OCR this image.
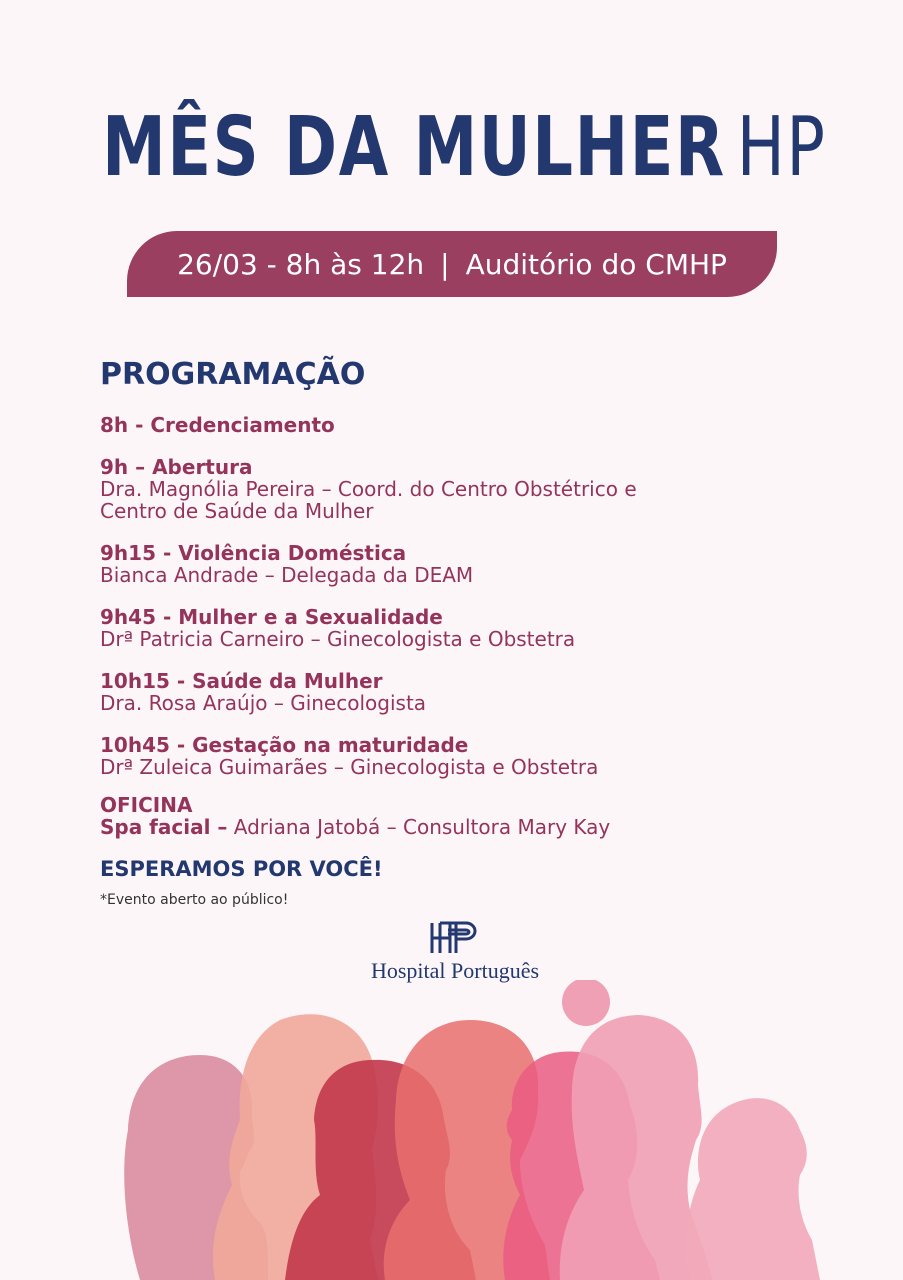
MÊS DA MULHER HP
26/03 - 8h às 12h | Auditório do CMHP
PROGRAMAÇÃO
8h - Credenciamento
9h – Abertura
Dra. Magnólia Pereira – Coord. do Centro Obstétrico e
Centro de Saúde da Mulher
9h15 - Violência Doméstica
Bianca Andrade – Delegada da DEAM
9h45 - Mulher e a Sexualidade
Drª Patricia Carneiro – Ginecologista e Obstetra
10h15 - Saúde da Mulher
Dra. Rosa Araújo – Ginecologista
10h45 - Gestação na maturidade
Drª Zuleica Guimarães – Ginecologista e Obstetra
OFICINA
Spa facial – Adriana Jatobá – Consultora Mary Kay
ESPERAMOS POR VOCÊ!
*Evento aberto ao público!
Hospital Português
